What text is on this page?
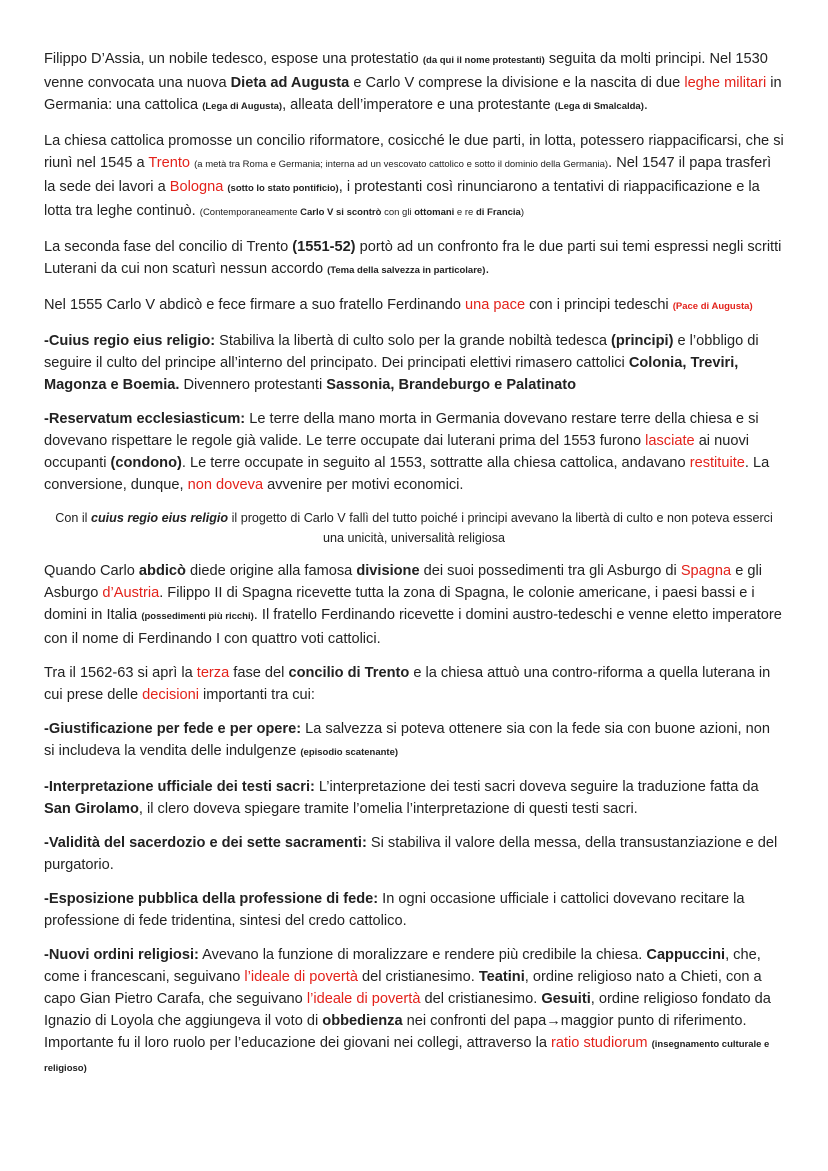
Filippo D’Assia, un nobile tedesco, espose una protestatio (da qui il nome protestanti) seguita da molti principi. Nel 1530 venne convocata una nuova Dieta ad Augusta e Carlo V comprese la divisione e la nascita di due leghe militari in Germania: una cattolica (Lega di Augusta), alleata dell’imperatore e una protestante (Lega di Smalcalda).

La chiesa cattolica promosse un concilio riformatore, cosicché le due parti, in lotta, potessero riappacificarsi, che si riunì nel 1545 a Trento (a metà tra Roma e Germania; interna ad un vescovato cattolico e sotto il dominio della Germania). Nel 1547 il papa trasferì la sede dei lavori a Bologna (sotto lo stato pontificio), i protestanti così rinunciarono a tentativi di riappacificazione e la lotta tra leghe continuò. (Contemporaneamente Carlo V si scontrò con gli ottomani e re di Francia)

La seconda fase del concilio di Trento (1551-52) portò ad un confronto fra le due parti sui temi espressi negli scritti Luterani da cui non scaturì nessun accordo (Tema della salvezza in particolare).

Nel 1555 Carlo V abdicò e fece firmare a suo fratello Ferdinando una pace con i principi tedeschi (Pace di Augusta)

-Cuius regio eius religio: Stabiliva la libertà di culto solo per la grande nobiltà tedesca (principi) e l’obbligo di seguire il culto del principe all’interno del principato. Dei principati elettivi rimasero cattolici Colonia, Treviri, Magonza e Boemia. Divennero protestanti Sassonia, Brandeburgo e Palatinato

-Reservatum ecclesiasticum: Le terre della mano morta in Germania dovevano restare terre della chiesa e si dovevano rispettare le regole già valide. Le terre occupate dai luterani prima del 1553 furono lasciate ai nuovi occupanti (condono). Le terre occupate in seguito al 1553, sottratte alla chiesa cattolica, andavano restituite. La conversione, dunque, non doveva avvenire per motivi economici.

Con il cuius regio eius religio il progetto di Carlo V fallì del tutto poiché i principi avevano la libertà di culto e non poteva esserci una unicità, universalità religiosa

Quando Carlo abdicò diede origine alla famosa divisione dei suoi possedimenti tra gli Asburgo di Spagna e gli Asburgo d’Austria. Filippo II di Spagna ricevette tutta la zona di Spagna, le colonie americane, i paesi bassi e i domini in Italia (possedimenti più ricchi). Il fratello Ferdinando ricevette i domini austro-tedeschi e venne eletto imperatore con il nome di Ferdinando I con quattro voti cattolici.

Tra il 1562-63 si aprì la terza fase del concilio di Trento e la chiesa attuò una contro-riforma a quella luterana in cui prese delle decisioni importanti tra cui:

-Giustificazione per fede e per opere: La salvezza si poteva ottenere sia con la fede sia con buone azioni, non si includeva la vendita delle indulgenze (episodio scatenante)

-Interpretazione ufficiale dei testi sacri: L’interpretazione dei testi sacri doveva seguire la traduzione fatta da San Girolamo, il clero doveva spiegare tramite l’omelia l’interpretazione di questi testi sacri.

-Validità del sacerdozio e dei sette sacramenti: Si stabiliva il valore della messa, della transustanziazione e del purgatorio.

-Esposizione pubblica della professione di fede: In ogni occasione ufficiale i cattolici dovevano recitare la professione di fede tridentina, sintesi del credo cattolico.

-Nuovi ordini religiosi: Avevano la funzione di moralizzare e rendere più credibile la chiesa. Cappuccini, che, come i francescani, seguivano l’ideale di povertà del cristianesimo. Teatini, ordine religioso nato a Chieti, con a capo Gian Pietro Carafa, che seguivano l’ideale di povertà del cristianesimo. Gesuiti, ordine religioso fondato da Ignazio di Loyola che aggiungeva il voto di obbedienza nei confronti del papa→maggior punto di riferimento. Importante fu il loro ruolo per l’educazione dei giovani nei collegi, attraverso la ratio studiorum (insegnamento culturale e religioso)
